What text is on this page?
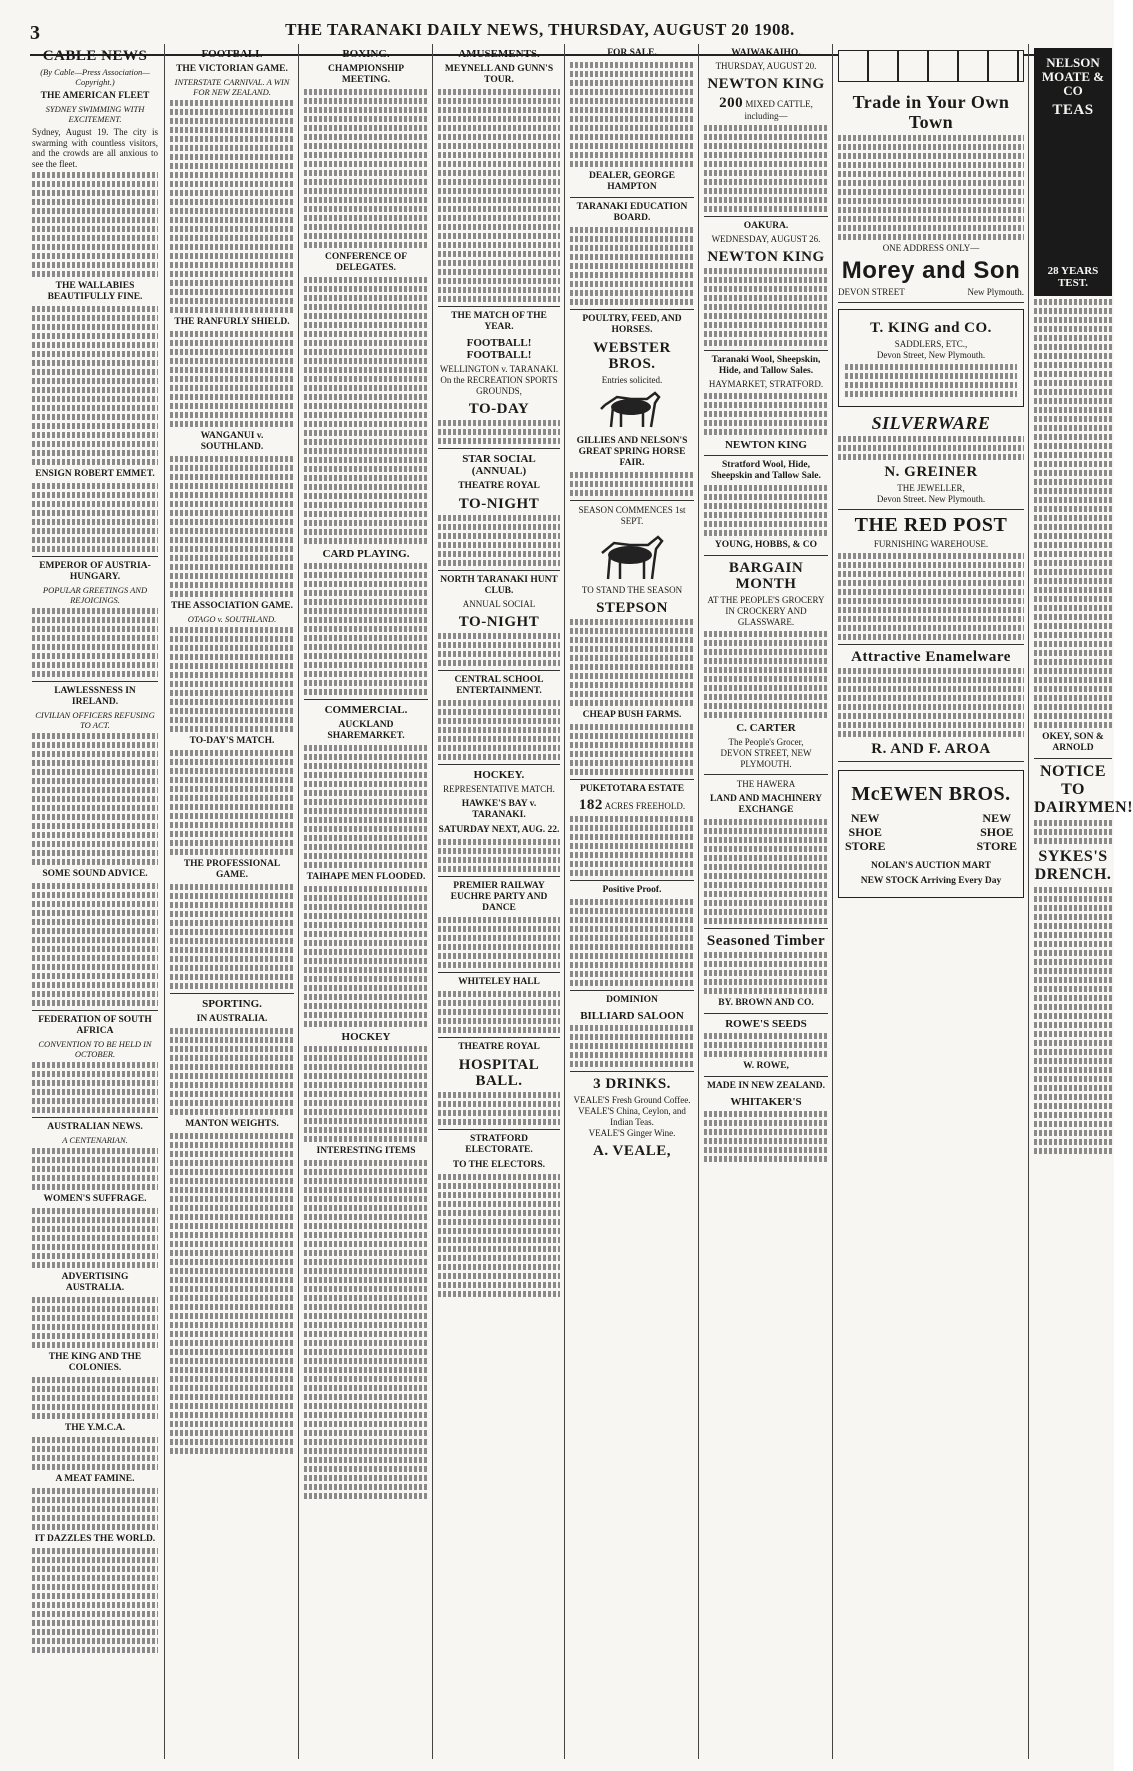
3	THE TARANAKI DAILY NEWS, THURSDAY, AUGUST 20 1908.
CABLE NEWS
(By Cable—Press Association—Copyright.)
THE AMERICAN FLEET
SYDNEY SWIMMING WITH EXCITEMENT.
Sydney, August 19. The city is swarming with countless visitors, and the crowds are all anxious to see the fleet.
THE WALLABIES BEAUTIFULLY FINE.
ENSIGN ROBERT EMMET.
EMPEROR OF AUSTRIA-HUNGARY.
POPULAR GREETINGS AND REJOICINGS.
LAWLESSNESS IN IRELAND.
CIVILIAN OFFICERS REFUSING TO ACT.
SOME SOUND ADVICE.
FEDERATION OF SOUTH AFRICA
CONVENTION TO BE HELD IN OCTOBER.
AUSTRALIAN NEWS.
A CENTENARIAN.
WOMEN'S SUFFRAGE.
ADVERTISING AUSTRALIA.
THE KING AND THE COLONIES.
THE Y.M.C.A.
A MEAT FAMINE.
IT DAZZLES THE WORLD.
FOOTBALL
THE VICTORIAN GAME.
INTERSTATE CARNIVAL. A WIN FOR NEW ZEALAND.
THE RANFURLY SHIELD.
WANGANUI v. SOUTHLAND.
THE ASSOCIATION GAME.
OTAGO v. SOUTHLAND.
TO-DAY'S MATCH.
THE PROFESSIONAL GAME.
SPORTING.
IN AUSTRALIA.
MANTON WEIGHTS.
BOXING.
CHAMPIONSHIP MEETING.
CONFERENCE OF DELEGATES.
CARD PLAYING.
COMMERCIAL.
AUCKLAND SHAREMARKET.
TAIHAPE MEN FLOODED.
HOCKEY
INTERESTING ITEMS
AMUSEMENTS.
MEYNELL AND GUNN'S TOUR.
THE MATCH OF THE YEAR.
FOOTBALL! FOOTBALL!
WELLINGTON v. TARANAKI.
On the RECREATION SPORTS GROUNDS,
TO-DAY
STAR SOCIAL (ANNUAL)
THEATRE ROYAL
TO-NIGHT
NORTH TARANAKI HUNT CLUB.
ANNUAL SOCIAL
TO-NIGHT
CENTRAL SCHOOL ENTERTAINMENT.
HOCKEY.
REPRESENTATIVE MATCH.
HAWKE'S BAY v. TARANAKI.
SATURDAY NEXT, AUG. 22.
PREMIER RAILWAY EUCHRE PARTY AND DANCE
WHITELEY HALL
THEATRE ROYAL
HOSPITAL BALL.
STRATFORD ELECTORATE.
TO THE ELECTORS.
FOR SALE.
DEALER, GEORGE HAMPTON
TARANAKI EDUCATION BOARD.
POULTRY, FEED, AND HORSES.
WEBSTER BROS.
Entries solicited.
GILLIES AND NELSON'S GREAT SPRING HORSE FAIR.
SEASON COMMENCES 1st SEPT.
TO STAND THE SEASON
STEPSON
CHEAP BUSH FARMS.
PUKETOTARA ESTATE
182 ACRES FREEHOLD.
Positive Proof.
DOMINION
BILLIARD SALOON
3 DRINKS.
VEALE'S Fresh Ground Coffee.
VEALE'S China, Ceylon, and Indian Teas.
VEALE'S Ginger Wine.
A. VEALE,
WAIWAKAIHO.
THURSDAY, AUGUST 20.
NEWTON KING
200 MIXED CATTLE, including—
OAKURA.
WEDNESDAY, AUGUST 26.
NEWTON KING
Taranaki Wool, Sheepskin, Hide, and Tallow Sales.
HAYMARKET, STRATFORD.
NEWTON KING
Stratford Wool, Hide, Sheepskin and Tallow Sale.
YOUNG, HOBBS, & CO
BARGAIN MONTH
AT THE PEOPLE'S GROCERY IN CROCKERY AND GLASSWARE.
C. CARTER
The People's Grocer,
DEVON STREET, NEW PLYMOUTH.
THE HAWERA
LAND AND MACHINERY EXCHANGE
Seasoned Timber
BY. BROWN AND CO.
ROWE'S SEEDS
W. ROWE,
MADE IN NEW ZEALAND.
WHITAKER'S
Trade in Your Own Town
ONE ADDRESS ONLY—
Morey and Son
DEVON STREET	New Plymouth.
T. KING and CO.
SADDLERS, ETC.,
Devon Street, New Plymouth.
SILVERWARE
N. GREINER
THE JEWELLER,
Devon Street. New Plymouth.
THE RED POST
FURNISHING WAREHOUSE.
Attractive Enamelware
R. AND F. AROA
McEWEN BROS.
NEW
SHOE
STORE
NEW
SHOE
STORE
NOLAN'S AUCTION MART
NEW STOCK Arriving Every Day
NELSON MOATE & CO
TEAS
28 YEARS TEST.
OKEY, SON & ARNOLD
NOTICE TO DAIRYMEN!
SYKES'S DRENCH.
